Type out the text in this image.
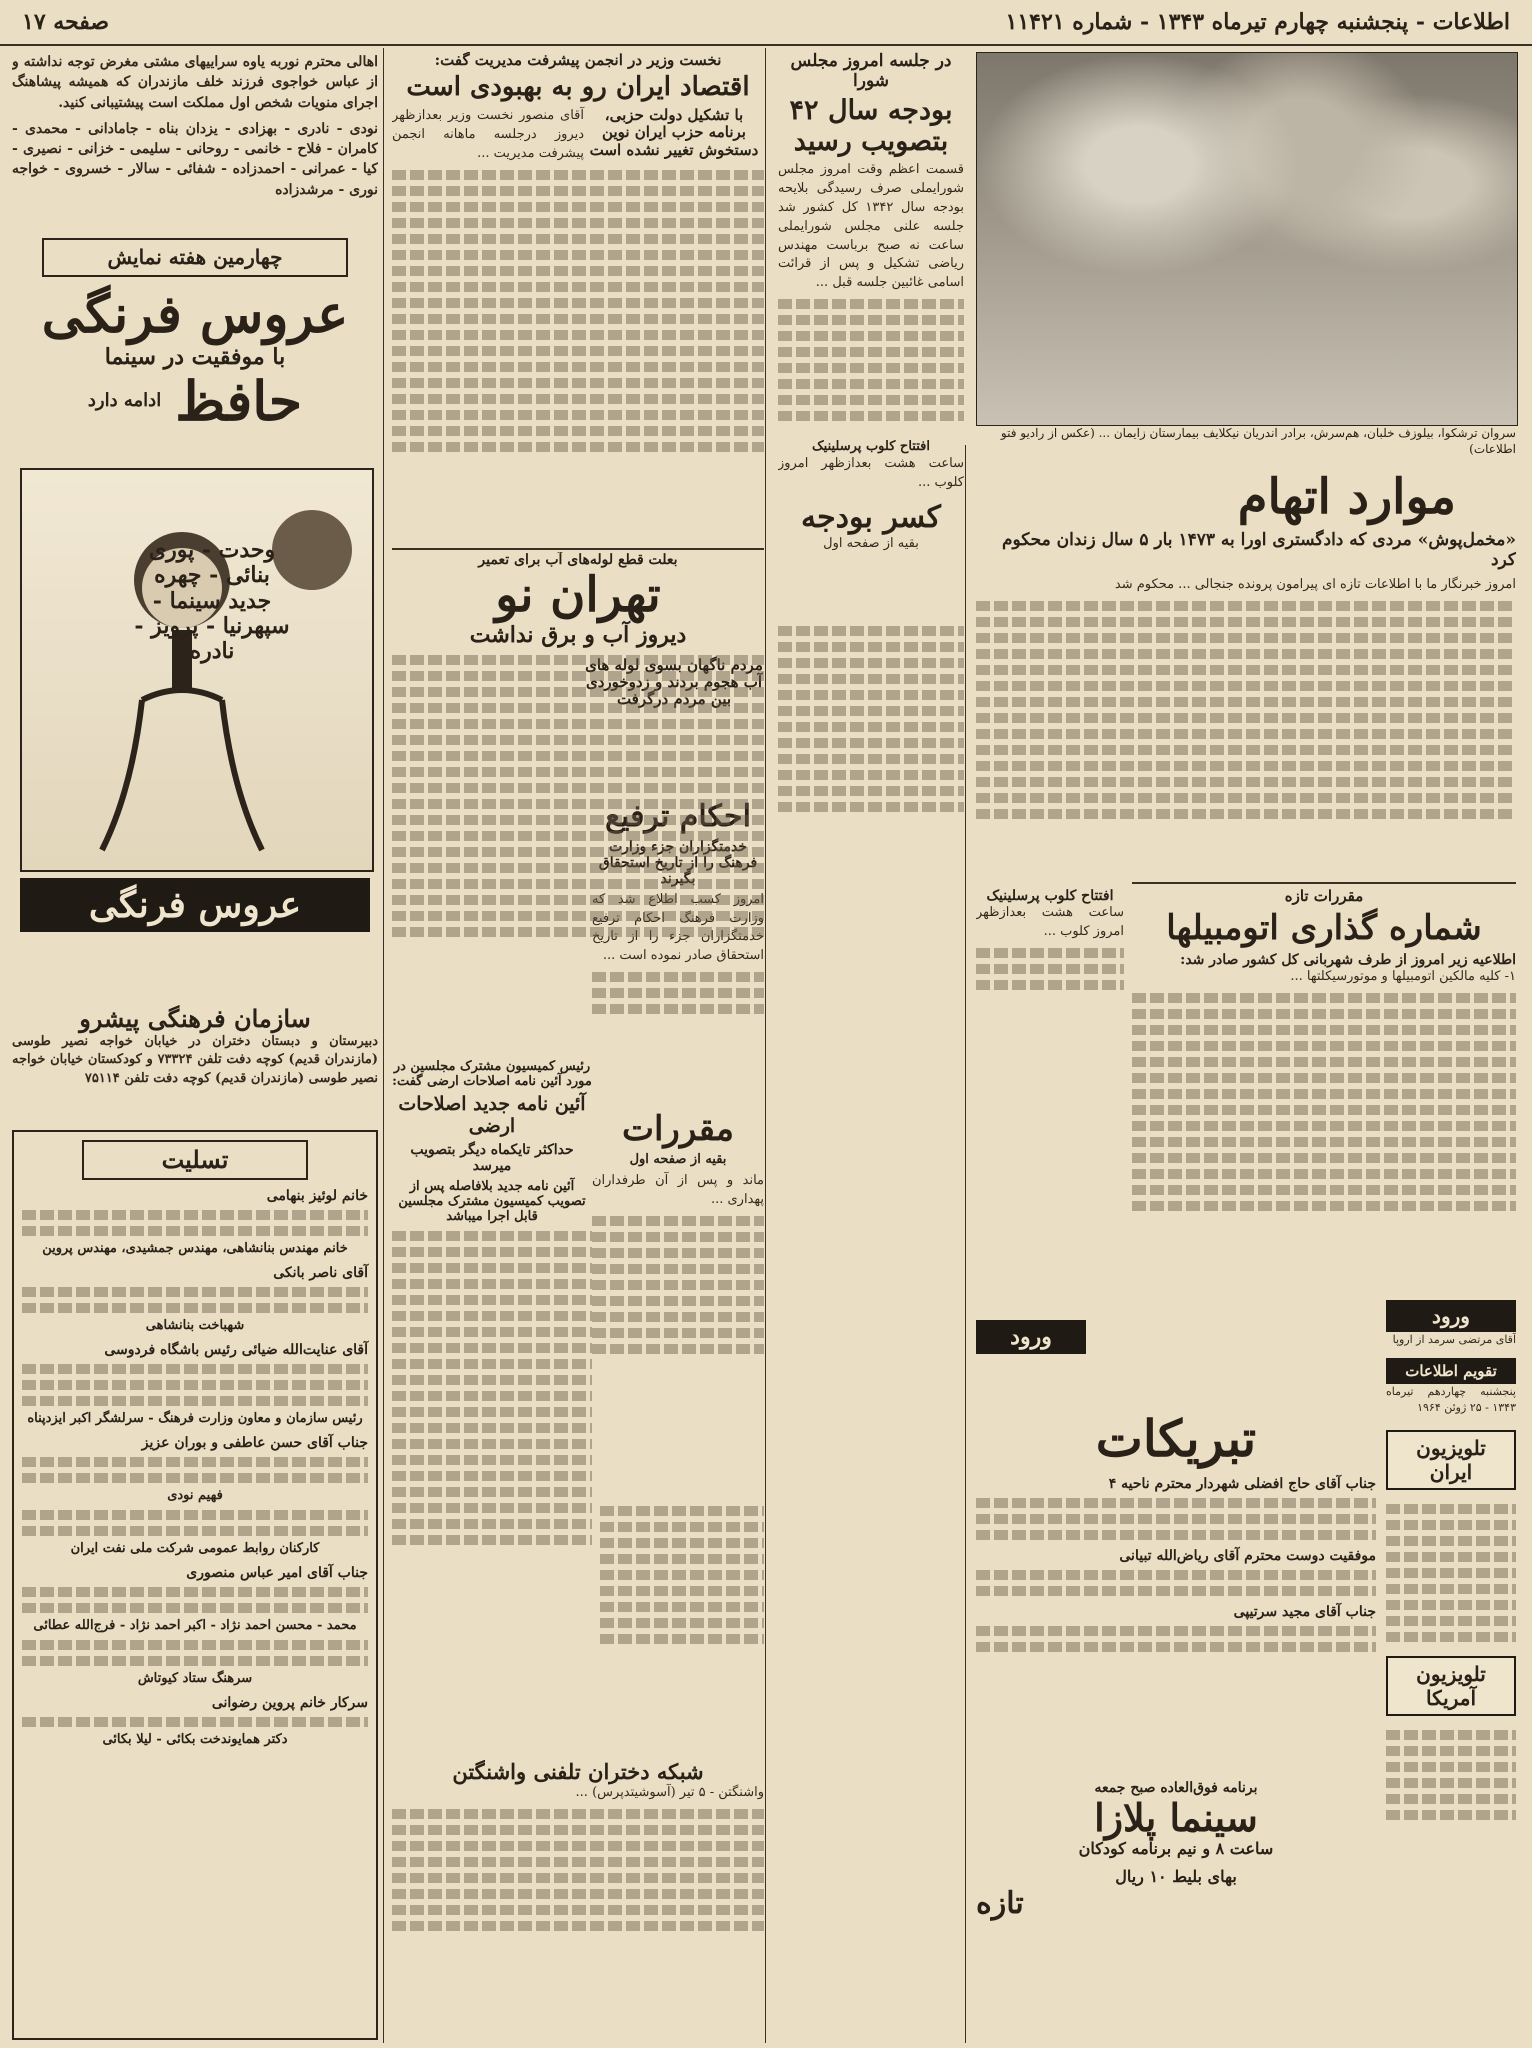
صفحه ۱۷	اطلاعات - پنجشنبه چهارم تیرماه ۱۳۴۳ - شماره ۱۱۴۲۱
سروان ترشکوا، بیلوزف خلبان، هم‌سرش، برادر اندریان نیکلایف بیمارستان زایمان ... (عکس از رادیو فتو اطلاعات)
در جلسه امروز مجلس شورا
بودجه سال ۴۲ بتصویب رسید
قسمت اعظم وقت امروز مجلس شورایملی صرف رسیدگی بلایحه بودجه سال ۱۳۴۲ کل کشور شد جلسه علنی مجلس شورایملی ساعت نه صبح برباست مهندس ریاضی تشکیل و پس از قرائت اسامی غائبین جلسه قبل ...
موارد اتهام
«مخمل‌پوش» مردی که دادگستری اورا به ۱۴۷۳ بار ۵ سال زندان محکوم کرد
امروز خبرنگار ما با اطلاعات تازه ای پیرامون پرونده جنجالی ... محکوم شد
مقررات تازه
شماره گذاری اتومبیلها
اطلاعیه زیر امروز از طرف شهربانی کل کشور صادر شد:
۱- کلیه مالکین اتومبیلها و موتورسیکلتها ...
افتتاح کلوب پرسلینیک
ساعت هشت بعدازظهر امروز کلوب ...
افتتاح کلوب پرسلینیک
ساعت هشت بعدازظهر امروز کلوب ...
کسر بودجه
بقیه از صفحه اول
احکام ترفیع
خدمتگزاران جزء وزارت فرهنگ را از تاریخ استحقاق بگیرند
امروز کسب اطلاع شد که وزارت فرهنگ احکام ترفیع خدمتگزاران جزء را از تاریخ استحقاق صادر نموده است ...
مقررات
بقیه از صفحه اول
ماند و پس از آن طرفداران پهداری ...
ورود
ورود
آقای مرتضی سرمد از اروپا
تقویم اطلاعات
پنجشنبه چهاردهم تیرماه ۱۳۴۳ - ۲۵ ژوئن ۱۹۶۴
تلویزیون ایران
تلویزیون آمریکا
تبریکات
جناب آقای حاج افضلی شهردار محترم ناحیه ۴
موفقیت دوست محترم آقای ریاض‌الله تبیانی
جناب آقای مجید سرتیپی
برنامه فوق‌العاده صبح جمعه
سینما پلازا
ساعت ۸ و نیم برنامه کودکان
بهای بلیط ۱۰ ریال
تازه
نخست وزیر در انجمن پیشرفت مدیریت گفت:
اقتصاد ایران رو به بهبودی است
با تشکیل دولت حزبی، برنامه حزب ایران نوین دستخوش تغییر نشده است
آقای منصور نخست وزیر بعدازظهر دیروز درجلسه ماهانه انجمن پیشرفت مدیریت ...
بعلت قطع لوله‌های آب برای تعمیر
تهران نو
دیروز آب و برق نداشت
مردم ناگهان بسوی لوله های آب هجوم بردند و زدوخوردی بین مردم درگرفت
رئیس کمیسیون مشترک مجلسین در مورد آئین نامه اصلاحات ارضی گفت:
آئین نامه جدید اصلاحات ارضی
حداکثر تایکماه دیگر بتصویب میرسد
آئین نامه جدید بلافاصله پس از تصویب کمیسیون مشترک مجلسین قابل اجرا میباشد
شبکه دختران تلفنی واشنگتن
واشنگتن - ۵ تیر (آسوشیتدپرس) ...
اهالی محترم نوربه یاوه سراییهای مشتی مغرض توجه نداشته و از عباس خواجوی فرزند خلف مازندران که همیشه پیشاهنگ اجرای منویات شخص اول مملکت است پیشتیبانی کنید.
نودی - نادری - بهزادی - یزدان بناه - جامادانی - محمدی - کامران - فلاح - خانمی - روحانی - سلیمی - خزانی - نصیری - کیا - عمرانی - احمدزاده - شفائی - سالار - خسروی - خواجه نوری - مرشدزاده
چهارمین هفته نمایش
عروس فرنگی
با موفقیت در سینما
حافظ
ادامه دارد
وحدت - پوری بنائی - چهره جدید سینما - سپهرنیا - پرویز - نادره
عروس فرنگی
سازمان فرهنگی پیشرو
دبیرستان و دبستان دختران در خیابان خواجه نصیر طوسی (مازندران قدیم) کوچه دفت تلفن ۷۳۳۲۴ و کودکستان خیابان خواجه نصیر طوسی (مازندران قدیم) کوچه دفت تلفن ۷۵۱۱۴
تسلیت
خانم لوئیز بنهامی
خانم مهندس بنانشاهی، مهندس جمشیدی، مهندس پروین
آقای ناصر بانکی
شهباخت بنانشاهی
آقای عنایت‌الله ضیائی رئیس باشگاه فردوسی
رئیس سازمان و معاون وزارت فرهنگ - سرلشگر اکبر ایزدپناه
جناب آقای حسن عاطفی و بوران عزیز
فهیم نودی
کارکنان روابط عمومی شرکت ملی نفت ایران
جناب آقای امیر عباس منصوری
محمد - محسن احمد نژاد - اکبر احمد نژاد - فرج‌الله عطائی
سرهنگ ستاد کیوتاش
سرکار خانم پروین رضوانی
دکتر همایوندخت بکائی - لیلا بکائی
